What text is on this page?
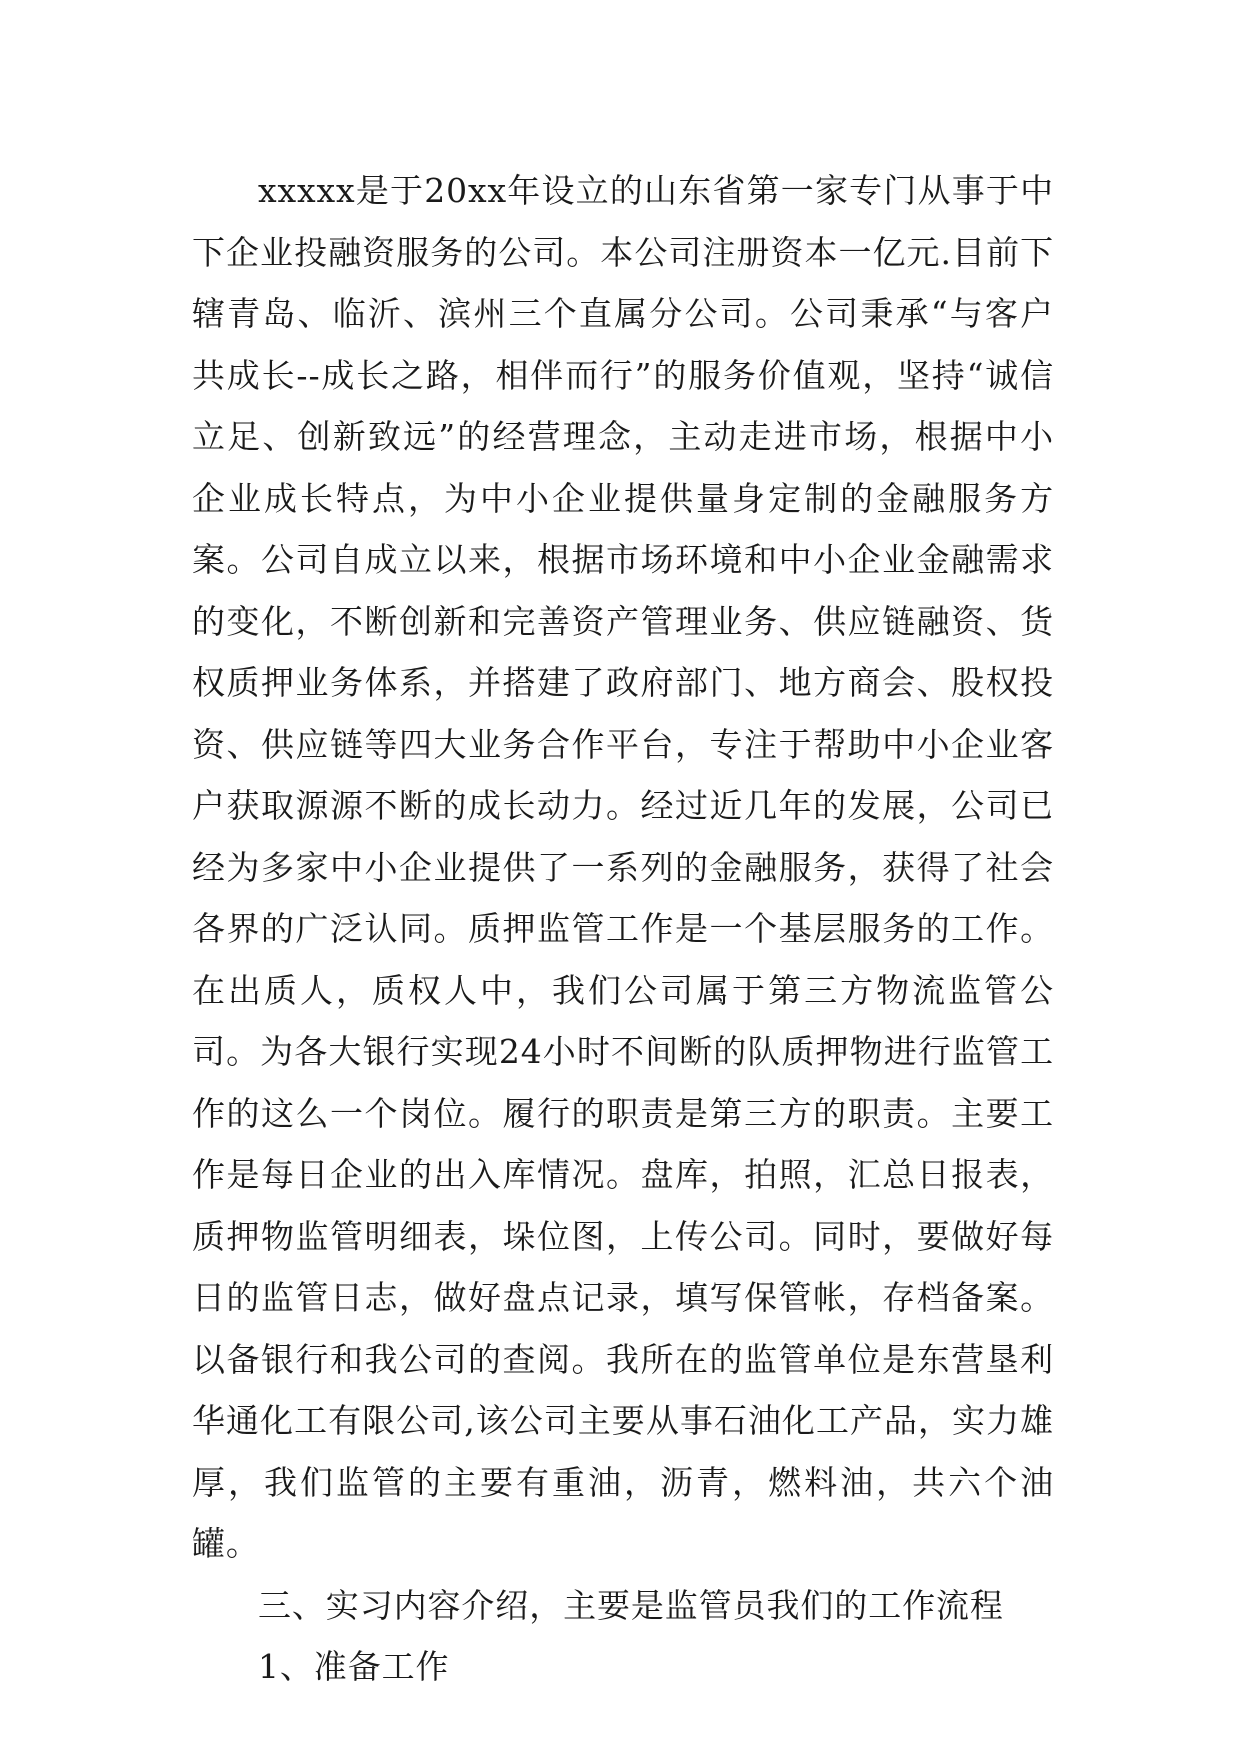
xxxxx是于20xx年设立的山东省第一家专门从事于中下企业投融资服务的公司。本公司注册资本一亿元.目前下辖青岛、临沂、滨州三个直属分公司。公司秉承“与客户共成长--成长之路，相伴而行”的服务价值观，坚持“诚信立足、创新致远”的经营理念，主动走进市场，根据中小企业成长特点，为中小企业提供量身定制的金融服务方案。公司自成立以来，根据市场环境和中小企业金融需求的变化，不断创新和完善资产管理业务、供应链融资、货权质押业务体系，并搭建了政府部门、地方商会、股权投资、供应链等四大业务合作平台，专注于帮助中小企业客户获取源源不断的成长动力。经过近几年的发展，公司已经为多家中小企业提供了一系列的金融服务，获得了社会各界的广泛认同。质押监管工作是一个基层服务的工作。在出质人，质权人中，我们公司属于第三方物流监管公司。为各大银行实现24小时不间断的队质押物进行监管工作的这么一个岗位。履行的职责是第三方的职责。主要工作是每日企业的出入库情况。盘库，拍照，汇总日报表，质押物监管明细表，垛位图，上传公司。同时，要做好每日的监管日志，做好盘点记录，填写保管帐，存档备案。以备银行和我公司的查阅。我所在的监管单位是东营垦利华通化工有限公司,该公司主要从事石油化工产品，实力雄厚，我们监管的主要有重油，沥青，燃料油，共六个油罐。

三、实习内容介绍，主要是监管员我们的工作流程

1、准备工作
